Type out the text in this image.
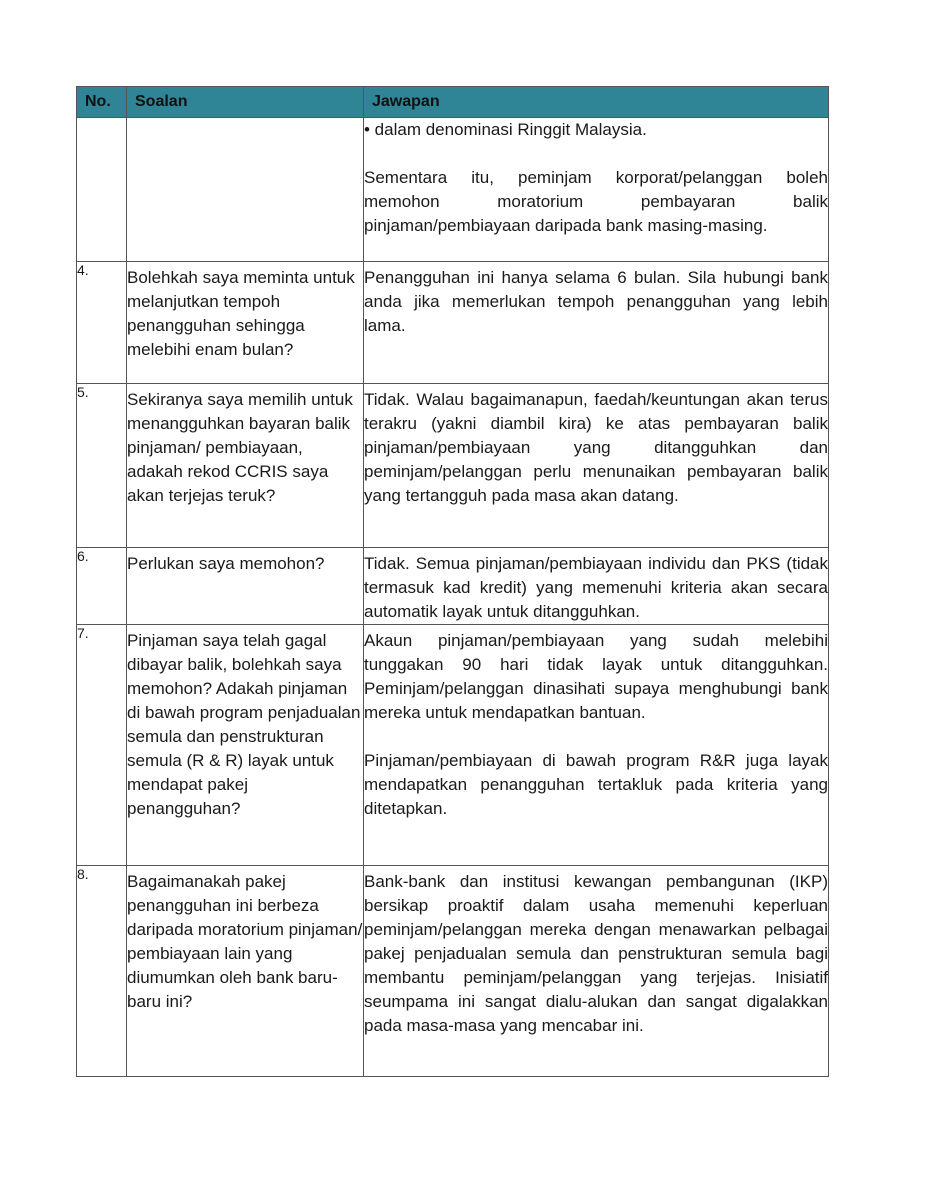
No.	Soalan	Jawapan

		• dalam denominasi Ringgit Malaysia.
Sementara itu, peminjam korporat/pelanggan boleh memohon moratorium pembayaran balik pinjaman/pembiayaan daripada bank masing-masing.

4.	Bolehkah saya meminta untuk melanjutkan tempoh penangguhan sehingga melebihi enam bulan?	Penangguhan ini hanya selama 6 bulan. Sila hubungi bank anda jika memerlukan tempoh penangguhan yang lebih lama.

5.	Sekiranya saya memilih untuk menangguhkan bayaran balik pinjaman/ pembiayaan, adakah rekod CCRIS saya akan terjejas teruk?	Tidak. Walau bagaimanapun, faedah/keuntungan akan terus terakru (yakni diambil kira) ke atas pembayaran balik pinjaman/pembiayaan yang ditangguhkan dan peminjam/pelanggan perlu menunaikan pembayaran balik yang tertangguh pada masa akan datang.

6.	Perlukan saya memohon?	Tidak. Semua pinjaman/pembiayaan individu dan PKS (tidak termasuk kad kredit) yang memenuhi kriteria akan secara automatik layak untuk ditangguhkan.

7.	Pinjaman saya telah gagal dibayar balik, bolehkah saya memohon? Adakah pinjaman di bawah program penjadualan semula dan penstrukturan semula (R & R) layak untuk mendapat pakej penangguhan?	Akaun pinjaman/pembiayaan yang sudah melebihi tunggakan 90 hari tidak layak untuk ditangguhkan. Peminjam/pelanggan dinasihati supaya menghubungi bank mereka untuk mendapatkan bantuan.
Pinjaman/pembiayaan di bawah program R&R juga layak mendapatkan penangguhan tertakluk pada kriteria yang ditetapkan.

8.	Bagaimanakah pakej penangguhan ini berbeza daripada moratorium pinjaman/ pembiayaan lain yang diumumkan oleh bank baru-baru ini?	Bank-bank dan institusi kewangan pembangunan (IKP) bersikap proaktif dalam usaha memenuhi keperluan peminjam/pelanggan mereka dengan menawarkan pelbagai pakej penjadualan semula dan penstrukturan semula bagi membantu peminjam/pelanggan yang terjejas. Inisiatif seumpama ini sangat dialu-alukan dan sangat digalakkan pada masa-masa yang mencabar ini.
